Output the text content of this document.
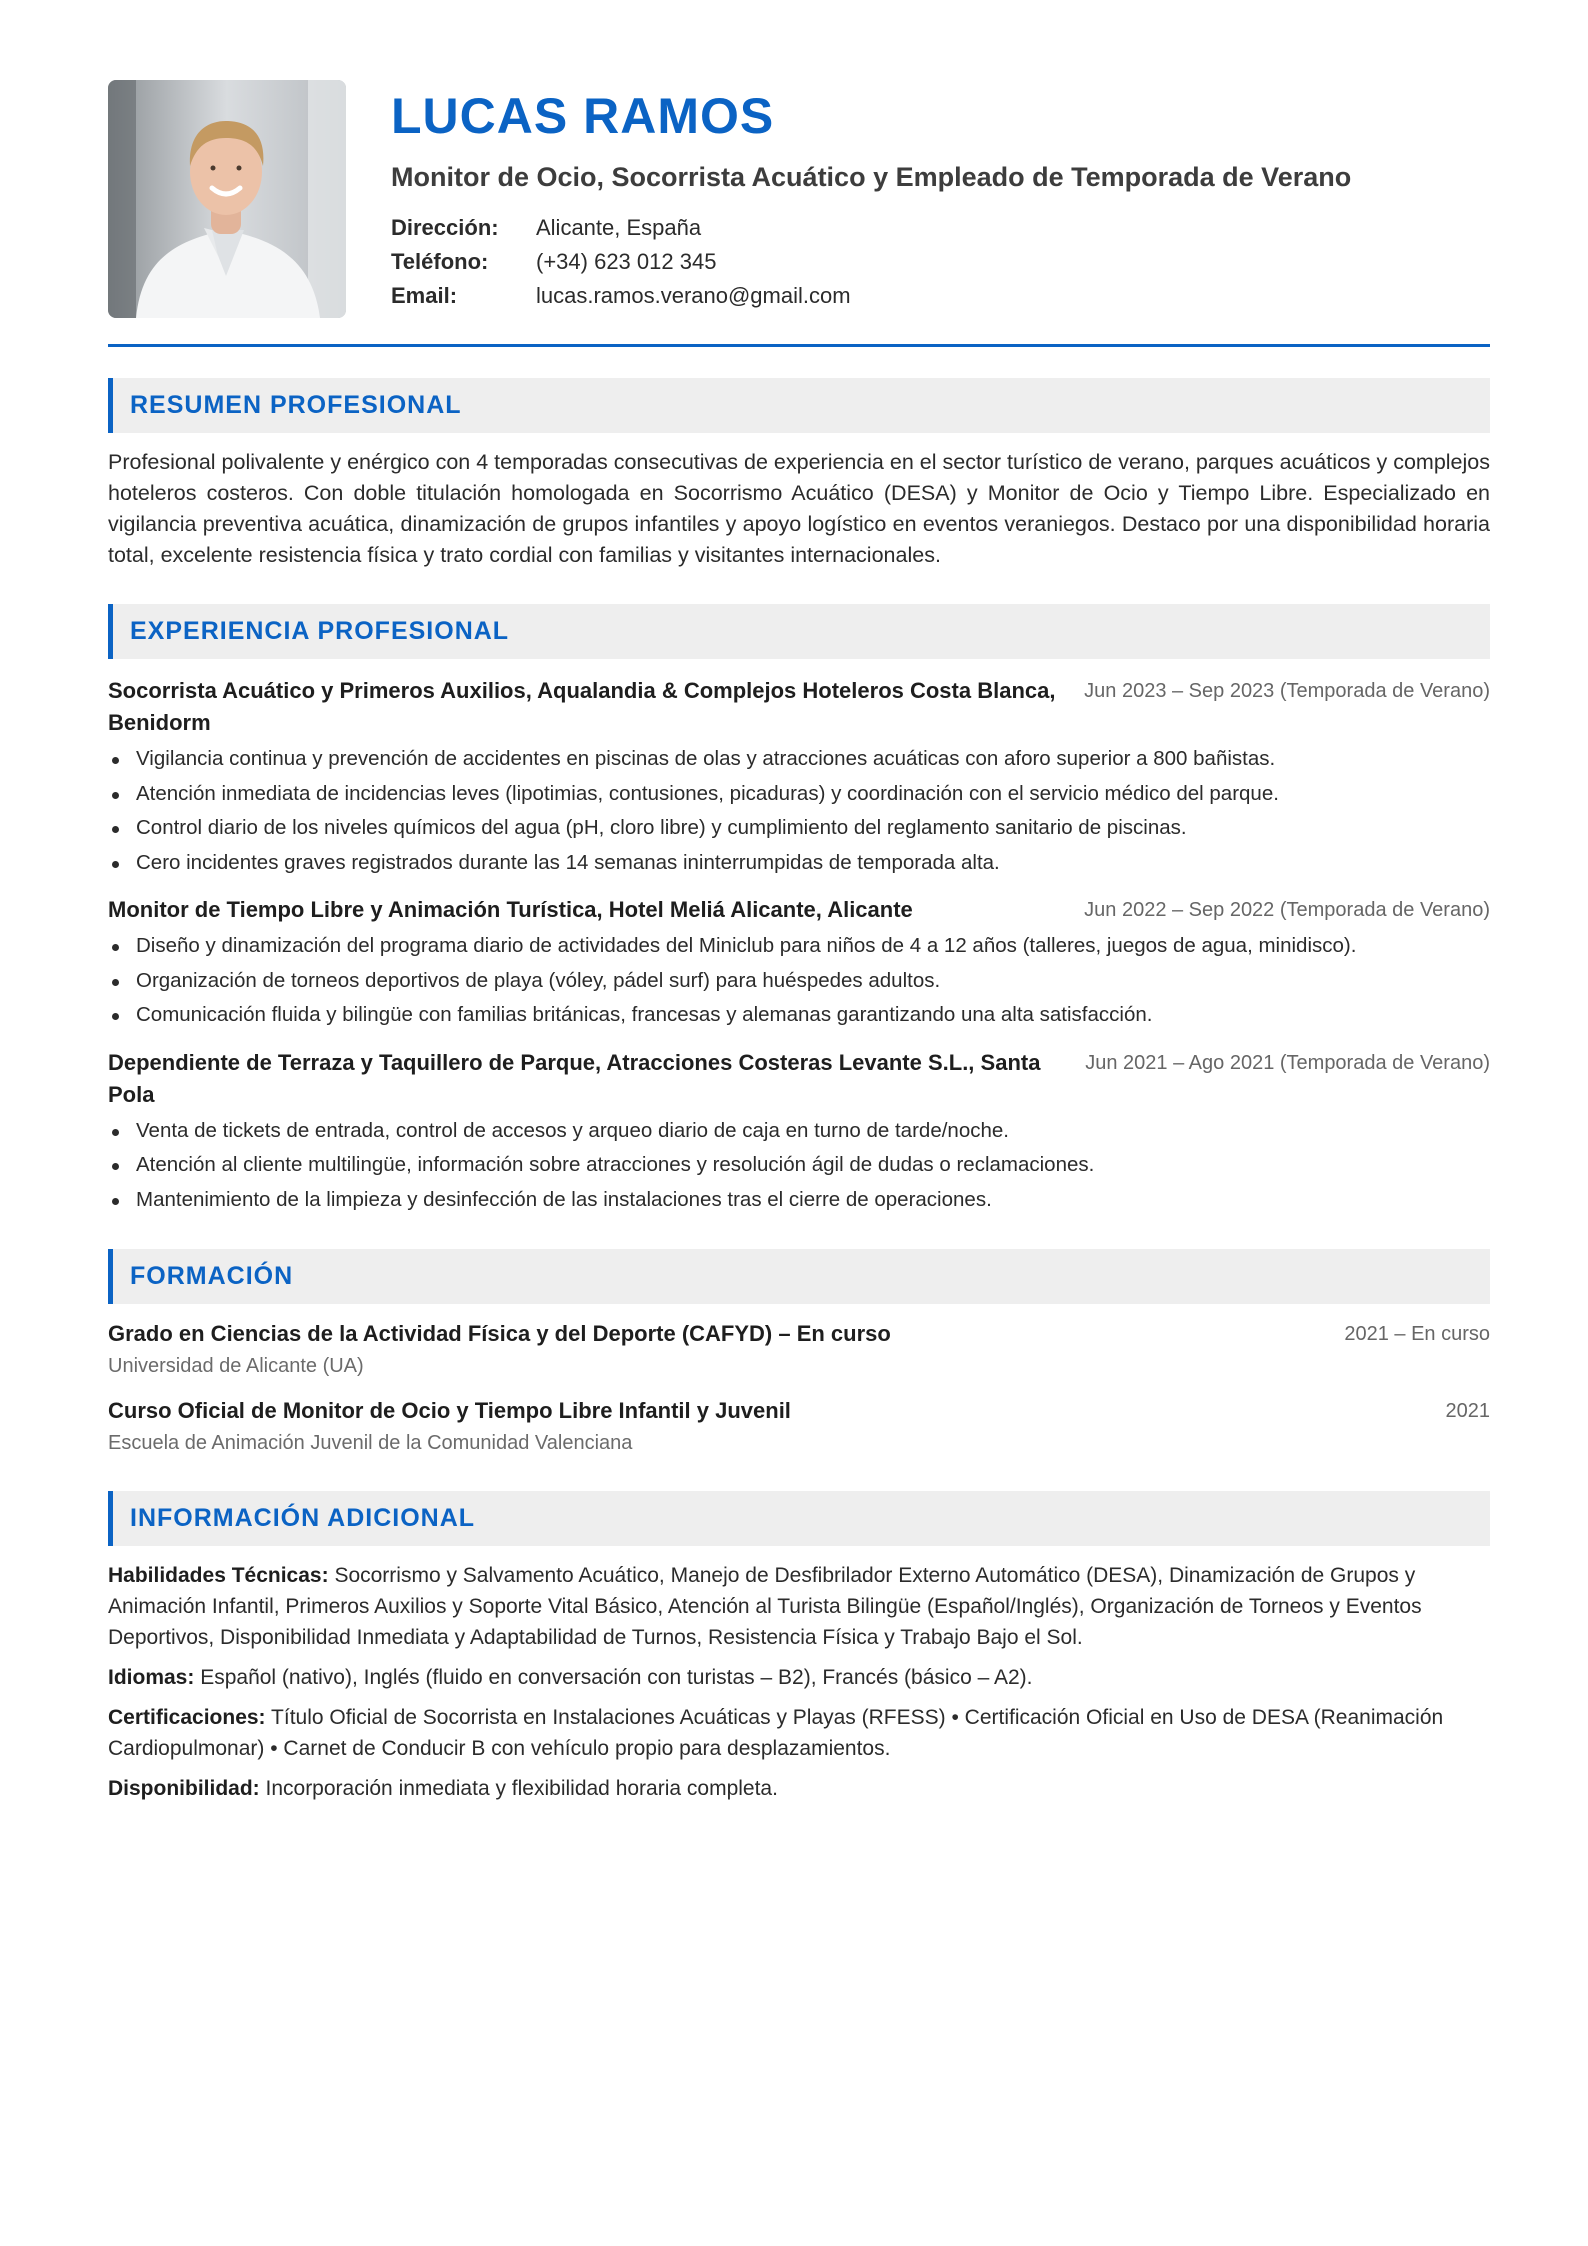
LUCAS RAMOS
Monitor de Ocio, Socorrista Acuático y Empleado de Temporada de Verano
Dirección:	Alicante, España
Teléfono:	(+34) 623 012 345
Email:	lucas.ramos.verano@gmail.com
RESUMEN PROFESIONAL
Profesional polivalente y enérgico con 4 temporadas consecutivas de experiencia en el sector turístico de verano, parques acuáticos y complejos hoteleros costeros. Con doble titulación homologada en Socorrismo Acuático (DESA) y Monitor de Ocio y Tiempo Libre. Especializado en vigilancia preventiva acuática, dinamización de grupos infantiles y apoyo logístico en eventos veraniegos. Destaco por una disponibilidad horaria total, excelente resistencia física y trato cordial con familias y visitantes internacionales.
EXPERIENCIA PROFESIONAL
Socorrista Acuático y Primeros Auxilios, Aqualandia & Complejos Hoteleros Costa Blanca, Benidorm
Jun 2023 – Sep 2023 (Temporada de Verano)
Vigilancia continua y prevención de accidentes en piscinas de olas y atracciones acuáticas con aforo superior a 800 bañistas.
Atención inmediata de incidencias leves (lipotimias, contusiones, picaduras) y coordinación con el servicio médico del parque.
Control diario de los niveles químicos del agua (pH, cloro libre) y cumplimiento del reglamento sanitario de piscinas.
Cero incidentes graves registrados durante las 14 semanas ininterrumpidas de temporada alta.
Monitor de Tiempo Libre y Animación Turística, Hotel Meliá Alicante, Alicante	Jun 2022 – Sep 2022 (Temporada de Verano)
Diseño y dinamización del programa diario de actividades del Miniclub para niños de 4 a 12 años (talleres, juegos de agua, minidisco).
Organización de torneos deportivos de playa (vóley, pádel surf) para huéspedes adultos.
Comunicación fluida y bilingüe con familias británicas, francesas y alemanas garantizando una alta satisfacción.
Dependiente de Terraza y Taquillero de Parque, Atracciones Costeras Levante S.L., Santa Pola
Jun 2021 – Ago 2021 (Temporada de Verano)
Venta de tickets de entrada, control de accesos y arqueo diario de caja en turno de tarde/noche.
Atención al cliente multilingüe, información sobre atracciones y resolución ágil de dudas o reclamaciones.
Mantenimiento de la limpieza y desinfección de las instalaciones tras el cierre de operaciones.
FORMACIÓN
Grado en Ciencias de la Actividad Física y del Deporte (CAFYD) – En curso	2021 – En curso
Universidad de Alicante (UA)
Curso Oficial de Monitor de Ocio y Tiempo Libre Infantil y Juvenil	2021
Escuela de Animación Juvenil de la Comunidad Valenciana
INFORMACIÓN ADICIONAL
Habilidades Técnicas: Socorrismo y Salvamento Acuático, Manejo de Desfibrilador Externo Automático (DESA), Dinamización de Grupos y Animación Infantil, Primeros Auxilios y Soporte Vital Básico, Atención al Turista Bilingüe (Español/Inglés), Organización de Torneos y Eventos Deportivos, Disponibilidad Inmediata y Adaptabilidad de Turnos, Resistencia Física y Trabajo Bajo el Sol.
Idiomas: Español (nativo), Inglés (fluido en conversación con turistas – B2), Francés (básico – A2).
Certificaciones: Título Oficial de Socorrista en Instalaciones Acuáticas y Playas (RFESS) • Certificación Oficial en Uso de DESA (Reanimación Cardiopulmonar) • Carnet de Conducir B con vehículo propio para desplazamientos.
Disponibilidad: Incorporación inmediata y flexibilidad horaria completa.
